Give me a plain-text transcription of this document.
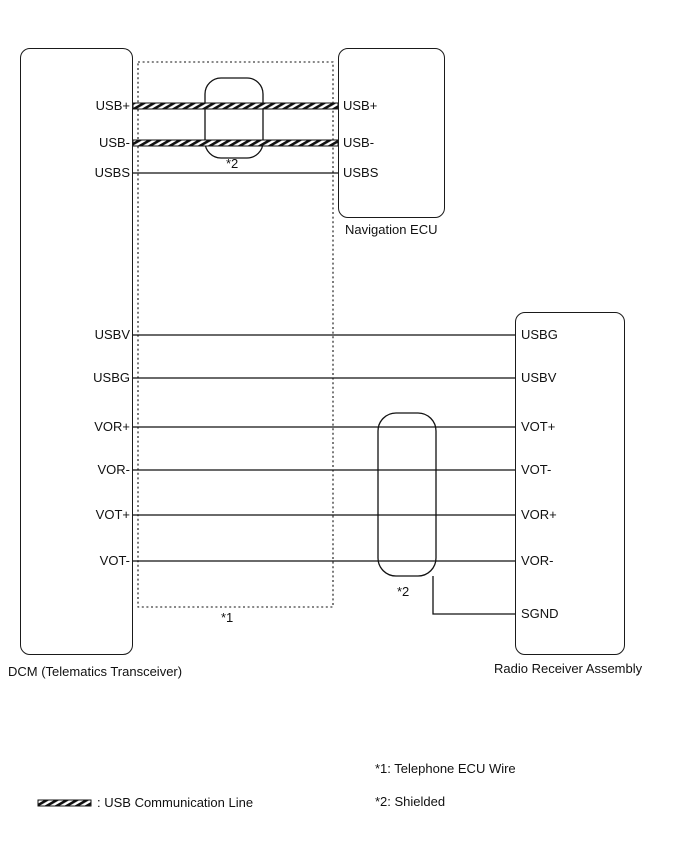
USB+
USB-
USBS
USBV
USBG
VOR+
VOR-
VOT+
VOT-
USB+
USB-
USBS
USBG
USBV
VOT+
VOT-
VOR+
VOR-
SGND
DCM (Telematics Transceiver)
Navigation ECU
Radio Receiver Assembly
*2
*1
*2
: USB Communication Line
*1: Telephone ECU Wire
*2: Shielded
